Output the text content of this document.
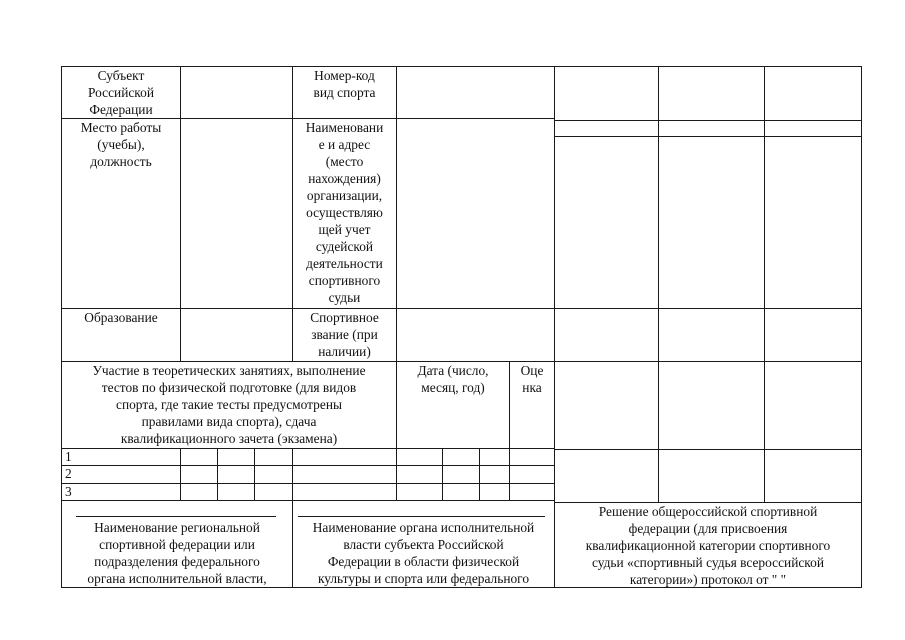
Субъект
Российской
Федерации
Номер-код
вид спорта
Место работы
(учебы),
должность
Наименовани
е и адрес
(место
нахождения)
организации,
осуществляю
щей учет
судейской
деятельности
спортивного
судьи
Образование	Спортивное
звание (при
наличии)
Участие в теоретических занятиях, выполнение
тестов по физической подготовке (для видов
спорта, где такие тесты предусмотрены
правилами вида спорта), сдача
квалификационного зачета (экзамена)
Дата (число,
месяц, год)
Оце
нка
1
2
3
Наименование региональной
спортивной федерации или
подразделения федерального
органа исполнительной власти,
Наименование органа исполнительной
власти субъекта Российской
Федерации в области физической
культуры и спорта или федерального
Решение общероссийской спортивной
федерации (для присвоения
квалификационной категории спортивного
судьи «спортивный судья всероссийской
категории») протокол от " "
